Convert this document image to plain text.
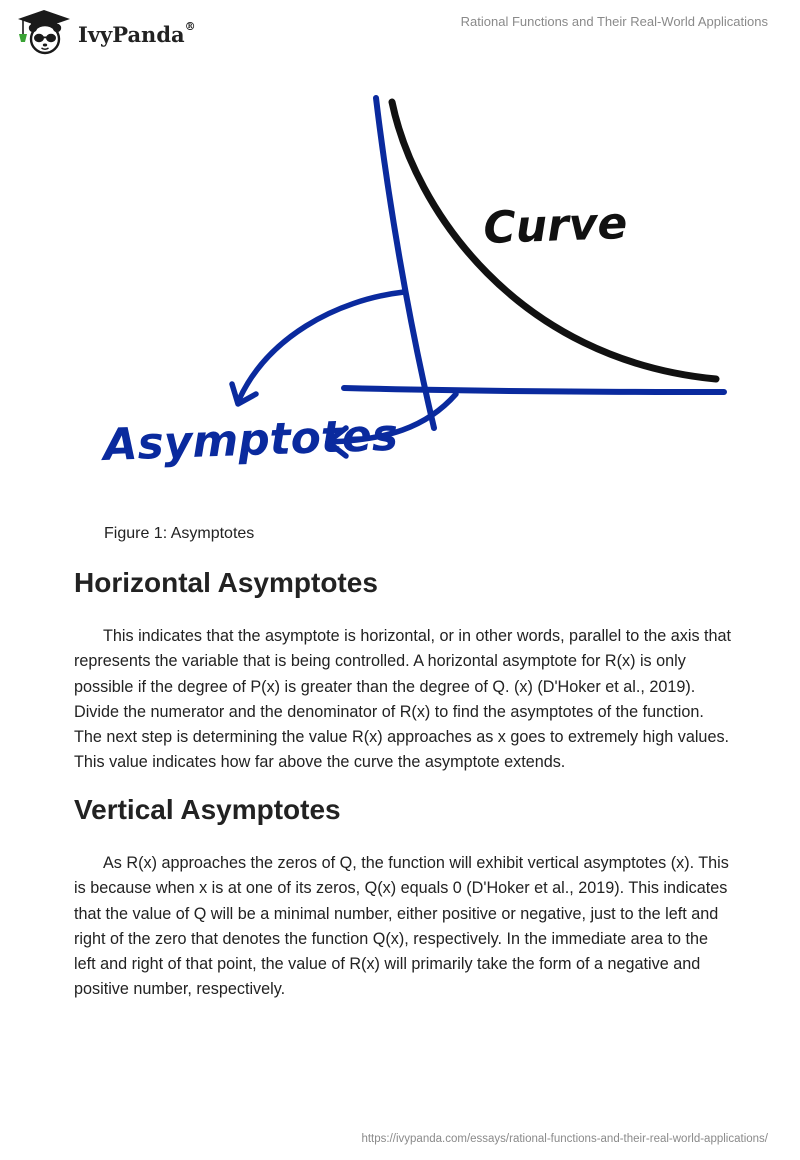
IvyPanda®	Rational Functions and Their Real-World Applications
Curve
Asymptotes
Figure 1: Asymptotes
Horizontal Asymptotes

This indicates that the asymptote is horizontal, or in other words, parallel to the axis that represents the variable that is being controlled. A horizontal asymptote for R(x) is only possible if the degree of P(x) is greater than the degree of Q. (x) (D'Hoker et al., 2019). Divide the numerator and the denominator of R(x) to find the asymptotes of the function. The next step is determining the value R(x) approaches as x goes to extremely high values. This value indicates how far above the curve the asymptote extends.

Vertical Asymptotes

As R(x) approaches the zeros of Q, the function will exhibit vertical asymptotes (x). This is because when x is at one of its zeros, Q(x) equals 0 (D'Hoker et al., 2019). This indicates that the value of Q will be a minimal number, either positive or negative, just to the left and right of the zero that denotes the function Q(x), respectively. In the immediate area to the left and right of that point, the value of R(x) will primarily take the form of a negative and positive number, respectively.

https://ivypanda.com/essays/rational-functions-and-their-real-world-applications/
